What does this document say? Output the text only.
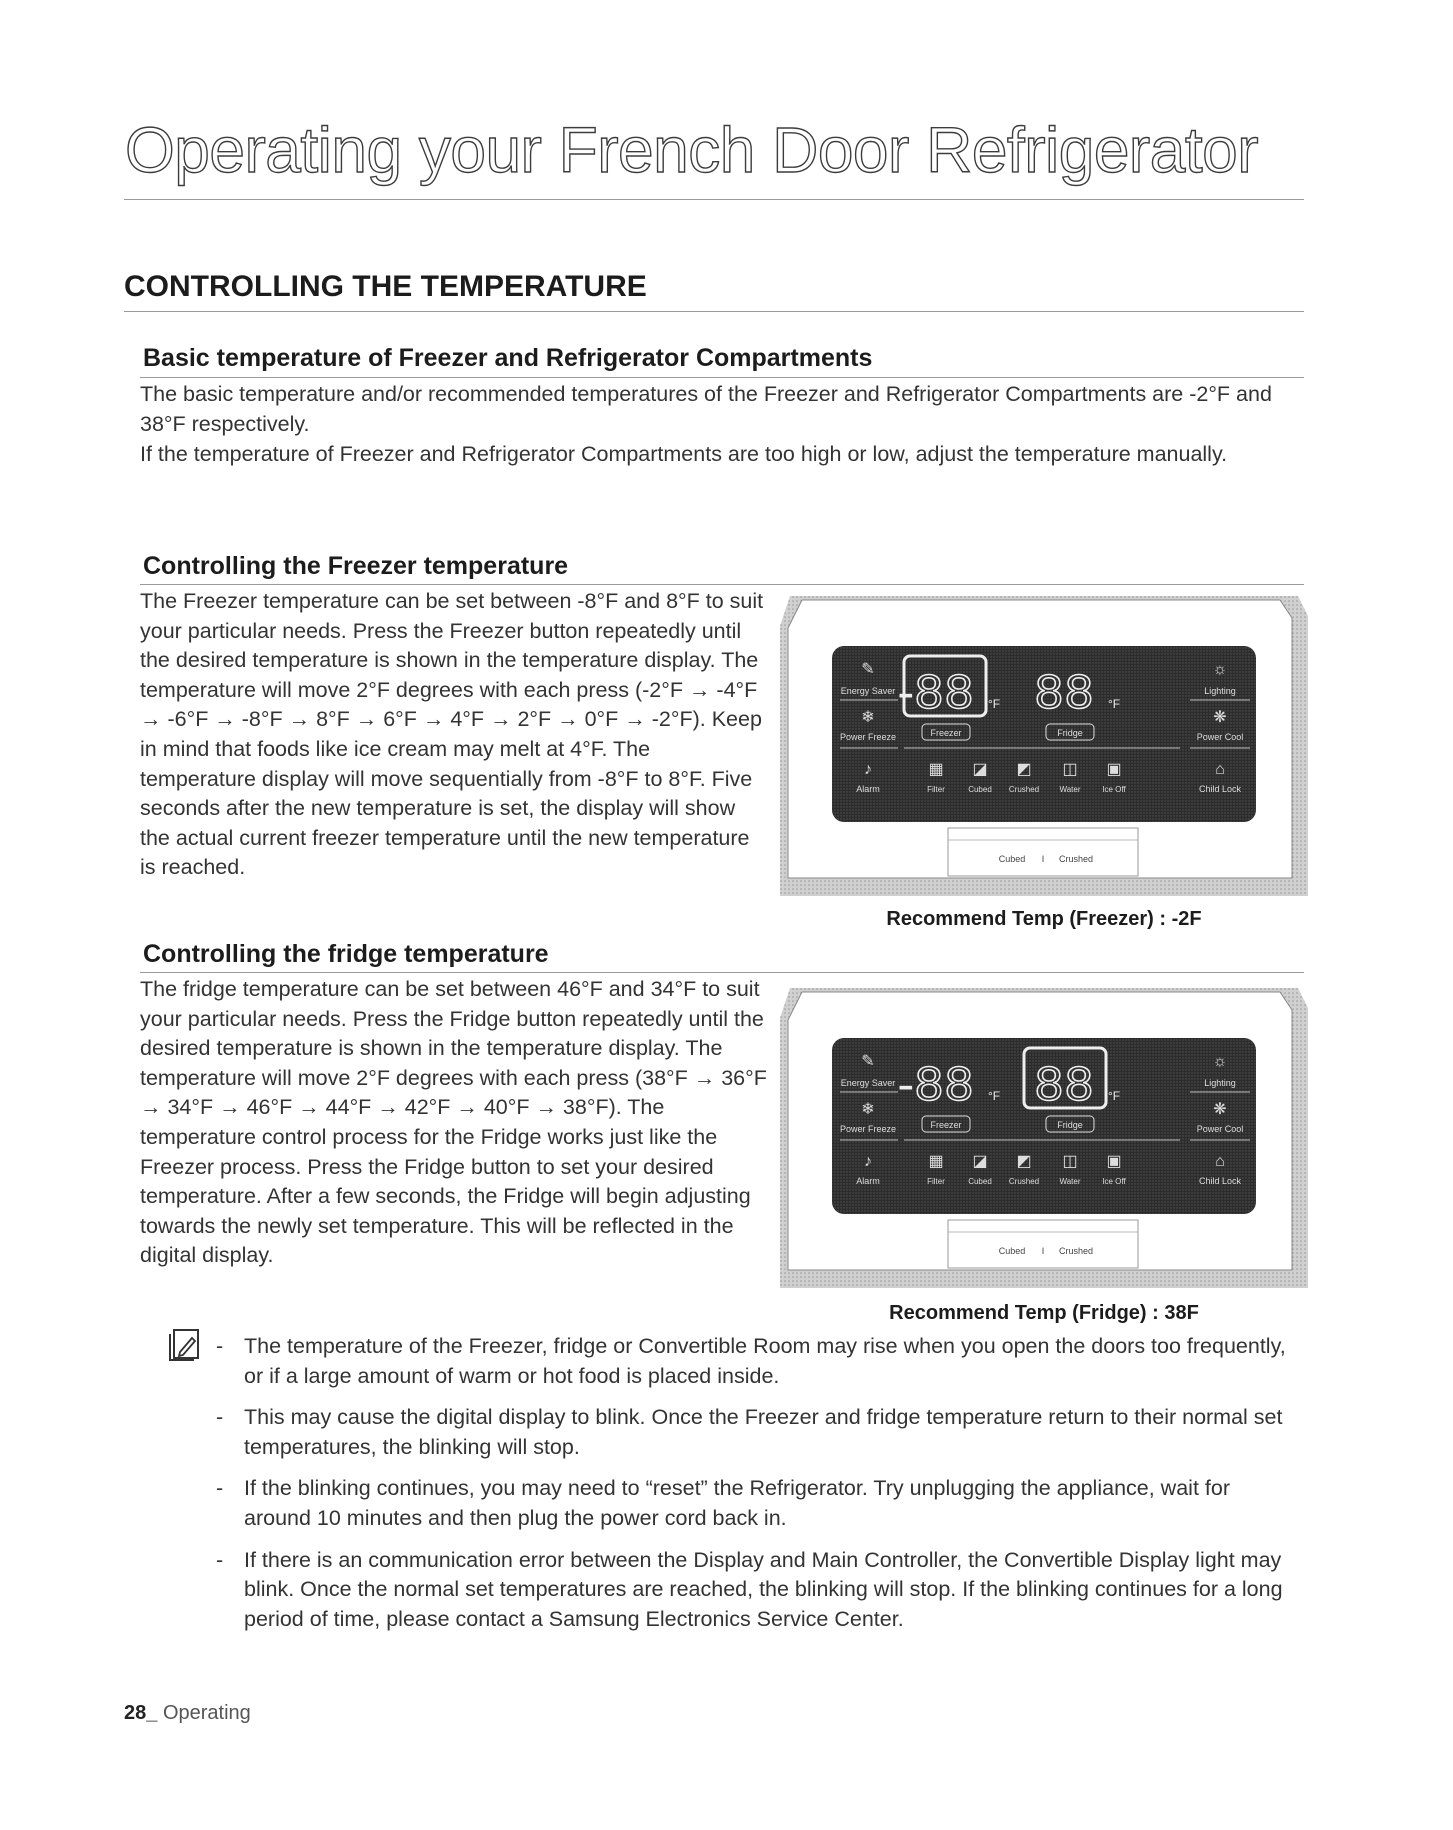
Operating your French Door Refrigerator
CONTROLLING THE TEMPERATURE
Basic temperature of Freezer and Refrigerator Compartments

The basic temperature and/or recommended temperatures of the Freezer and Refrigerator Compartments are -2°F and 38°F respectively.

If the temperature of Freezer and Refrigerator Compartments are too high or low, adjust the temperature manually.

Controlling the Freezer temperature

The Freezer temperature can be set between -8°F and 8°F to suit your particular needs. Press the Freezer button repeatedly until the desired temperature is shown in the temperature display. The temperature will move 2°F degrees with each press (-2°F → -4°F → -6°F → -8°F → 8°F → 6°F → 4°F → 2°F → 0°F → -2°F). Keep in mind that foods like ice cream may melt at 4°F. The temperature display will move sequentially from -8°F to 8°F. Five seconds after the new temperature is set, the display will show the actual current freezer temperature until the new temperature is reached.

Controlling the fridge temperature

The fridge temperature can be set between 46°F and 34°F to suit your particular needs. Press the Fridge button repeatedly until the desired temperature is shown in the temperature display. The temperature will move 2°F degrees with each press (38°F → 36°F → 34°F → 46°F → 44°F → 42°F → 40°F → 38°F). The temperature control process for the Fridge works just like the Freezer process. Press the Fridge button to set your desired temperature. After a few seconds, the Fridge will begin adjusting towards the newly set temperature. This will be reflected in the digital display.

✎
Energy Saver
❄
Power Freeze
♪
Alarm
-
88 °F 88 °F
Freezer	Fridge
▦ ◪ ◩ ◫ ▣
Filter	Cubed Crushed	Water	Ice Off
☼
Lighting
❋
Power Cool
⌂
Child Lock
Cubed I Crushed
Recommend Temp (Freezer) : -2F
✎
Energy Saver
❄
Power Freeze
♪
Alarm
-
88 °F 88 °F
Freezer	Fridge
▦ ◪ ◩ ◫ ▣
Filter	Cubed Crushed	Water	Ice Off
☼
Lighting
❋
Power Cool
⌂
Child Lock
Cubed I Crushed
Recommend Temp (Fridge) : 38F
- The temperature of the Freezer, fridge or Convertible Room may rise when you open the doors too frequently, or if a large amount of warm or hot food is placed inside.
- This may cause the digital display to blink. Once the Freezer and fridge temperature return to their normal set temperatures, the blinking will stop.
- If the blinking continues, you may need to “reset” the Refrigerator. Try unplugging the appliance, wait for around 10 minutes and then plug the power cord back in.
- If there is an communication error between the Display and Main Controller, the Convertible Display light may blink. Once the normal set temperatures are reached, the blinking will stop. If the blinking continues for a long period of time, please contact a Samsung Electronics Service Center.
28_ Operating
